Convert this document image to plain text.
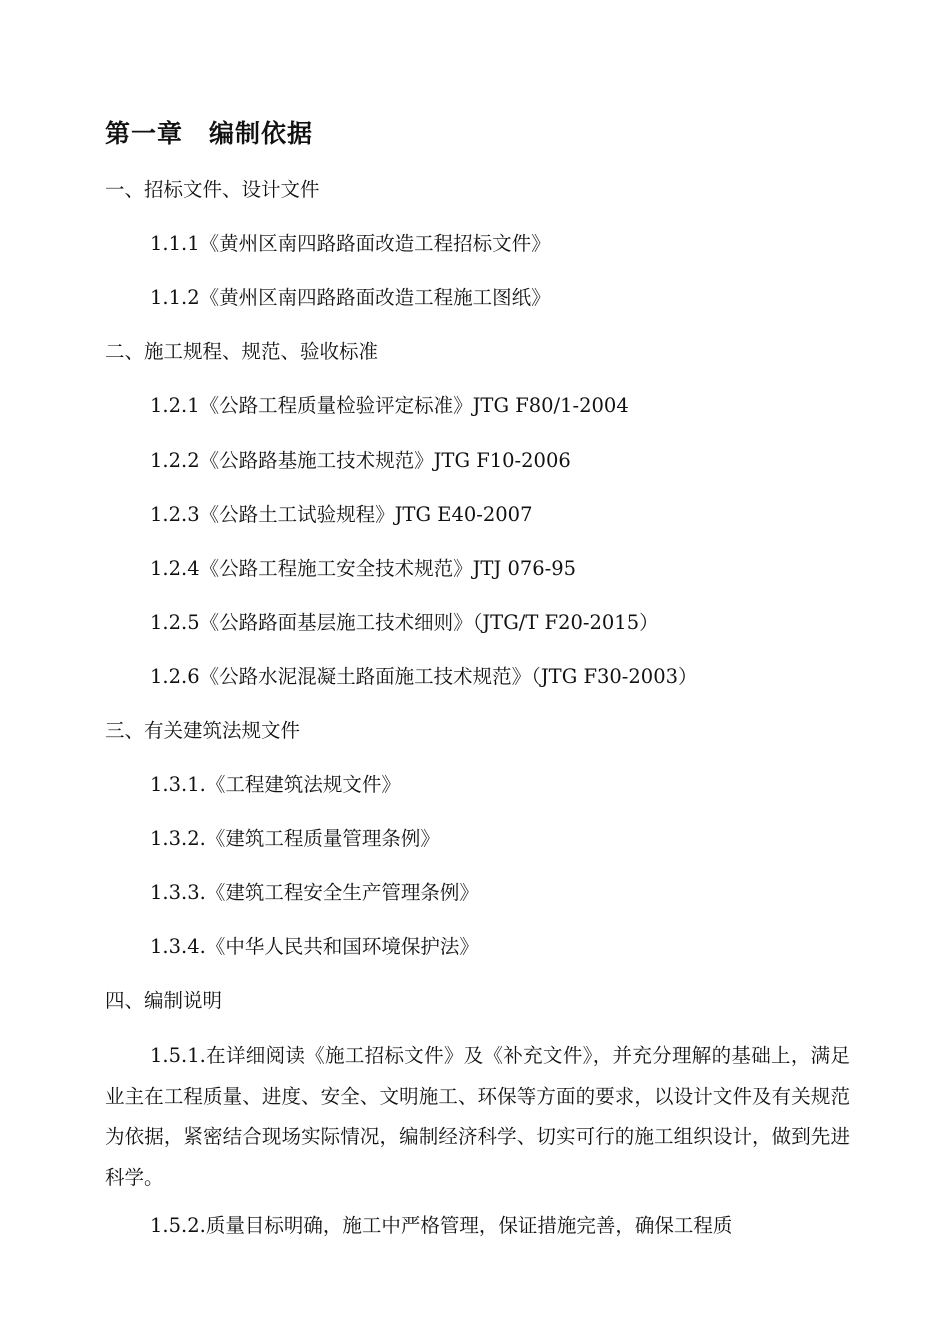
第一章　编制依据
一、招标文件、设计文件
1.1.1《黄州区南四路路面改造工程招标文件》
1.1.2《黄州区南四路路面改造工程施工图纸》
二、施工规程、规范、验收标准
1.2.1《公路工程质量检验评定标准》JTG F80/1-2004
1.2.2《公路路基施工技术规范》JTG F10-2006
1.2.3《公路土工试验规程》JTG E40-2007
1.2.4《公路工程施工安全技术规范》JTJ 076-95
1.2.5《公路路面基层施工技术细则》（JTG/T F20-2015）
1.2.6《公路水泥混凝土路面施工技术规范》（JTG F30-2003）
三、有关建筑法规文件
1.3.1.《工程建筑法规文件》
1.3.2.《建筑工程质量管理条例》
1.3.3.《建筑工程安全生产管理条例》
1.3.4.《中华人民共和国环境保护法》
四、编制说明
1.5.1.在详细阅读《施工招标文件》及《补充文件》，并充分理解的基础上，满足业主在工程质量、进度、安全、文明施工、环保等方面的要求，以设计文件及有关规范为依据，紧密结合现场实际情况，编制经济科学、切实可行的施工组织设计，做到先进科学。
1.5.2.质量目标明确，施工中严格管理，保证措施完善，确保工程质
